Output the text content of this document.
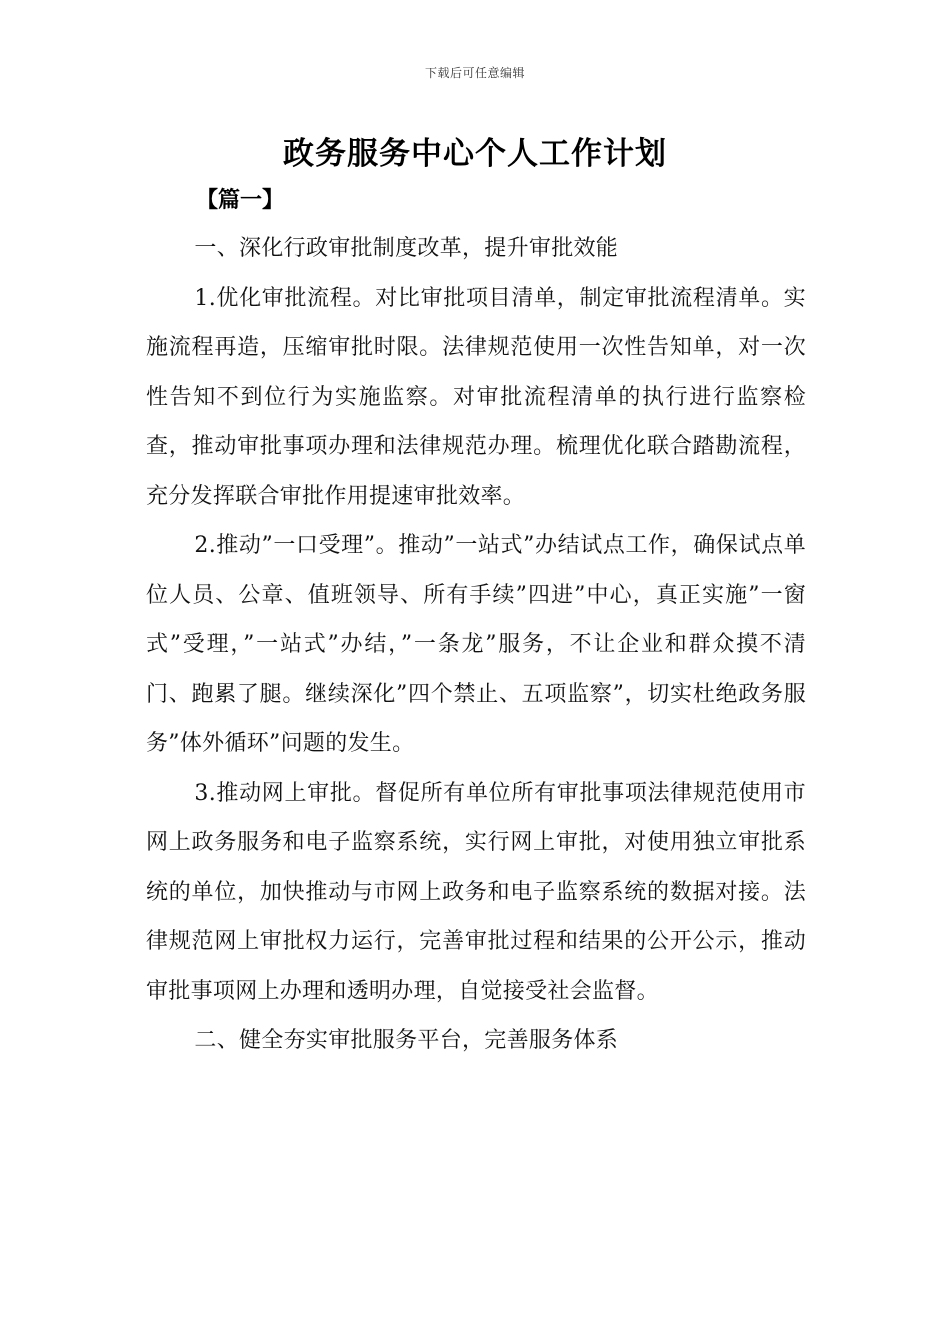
下载后可任意编辑
政务服务中心个人工作计划
【篇一】

一、深化行政审批制度改革，提升审批效能

1.优化审批流程。对比审批项目清单，制定审批流程清单。实施流程再造，压缩审批时限。法律规范使用一次性告知单，对一次性告知不到位行为实施监察。对审批流程清单的执行进行监察检查，推动审批事项办理和法律规范办理。梳理优化联合踏勘流程，充分发挥联合审批作用提速审批效率。

2.推动”一口受理”。推动”一站式”办结试点工作，确保试点单位人员、公章、值班领导、所有手续”四进”中心，真正实施”一窗式”受理，”一站式”办结，”一条龙”服务，不让企业和群众摸不清门、跑累了腿。继续深化”四个禁止、五项监察”，切实杜绝政务服务”体外循环”问题的发生。

3.推动网上审批。督促所有单位所有审批事项法律规范使用市网上政务服务和电子监察系统，实行网上审批，对使用独立审批系统的单位，加快推动与市网上政务和电子监察系统的数据对接。法律规范网上审批权力运行，完善审批过程和结果的公开公示，推动审批事项网上办理和透明办理，自觉接受社会监督。

二、健全夯实审批服务平台，完善服务体系
